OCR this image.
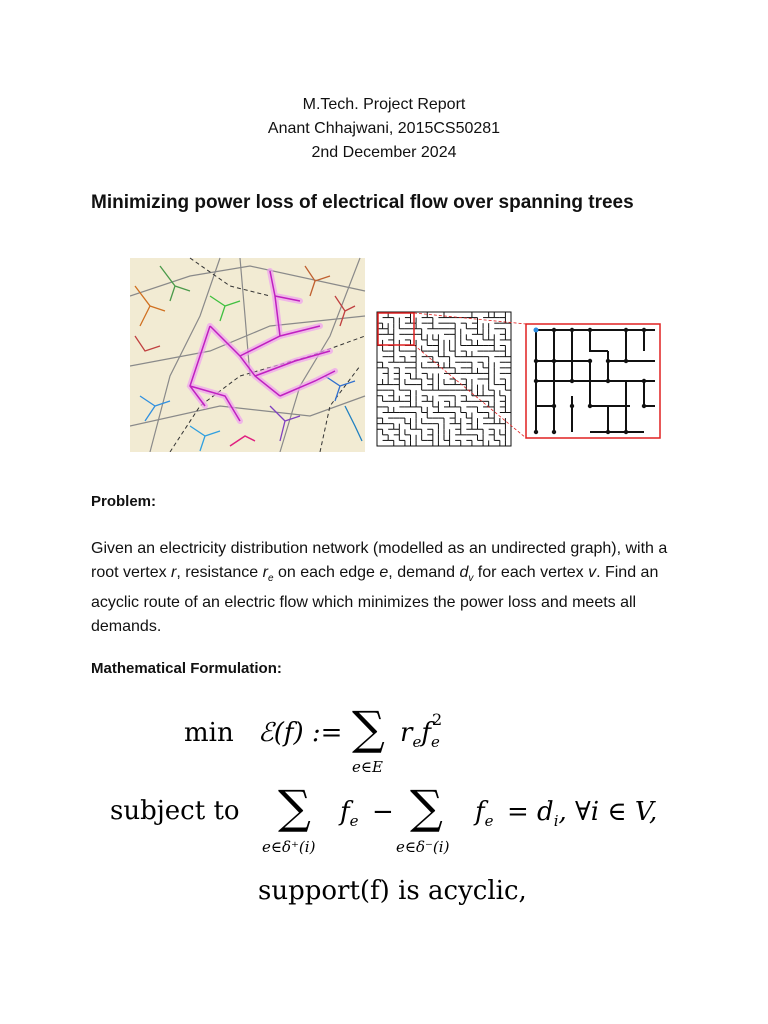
M.Tech. Project Report
Anant Chhajwani, 2015CS50281
2nd December 2024
Minimizing power loss of electrical flow over spanning trees
Problem:
Given an electricity distribution network (modelled as an undirected graph), with a root vertex r, resistance $r_e$ on each edge e, demand $d_v$ for each vertex v. Find an acyclic route of an electric flow which minimizes the power loss and meets all demands.
Mathematical Formulation:
min ℰ(f) := ∑
e∈E
$r_ef$ 2
$_e$
subject to ∑
e∈δ⁺(i)
$f_e$ − ∑
e∈δ⁻(i)
$f_e = d_i$, ∀i ∈ V,
support(f) is acyclic,
